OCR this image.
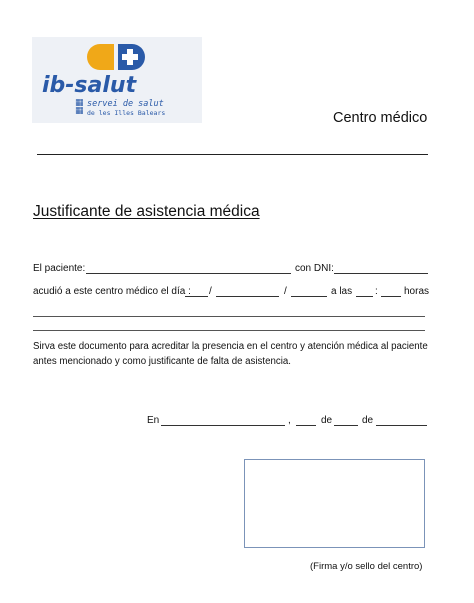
ib-salut
▦
▦
servei de salut
de les Illes Balears	Centro médico
Justificante de asistencia médica
El paciente:	con DNI:
acudió a este centro médico el día : /	/	a las :	horas
Sirva este documento para acreditar la presencia en el centro y atención médica al paciente
antes mencionado y como justificante de falta de asistencia.
En	,	de	de
(Firma y/o sello del centro)
